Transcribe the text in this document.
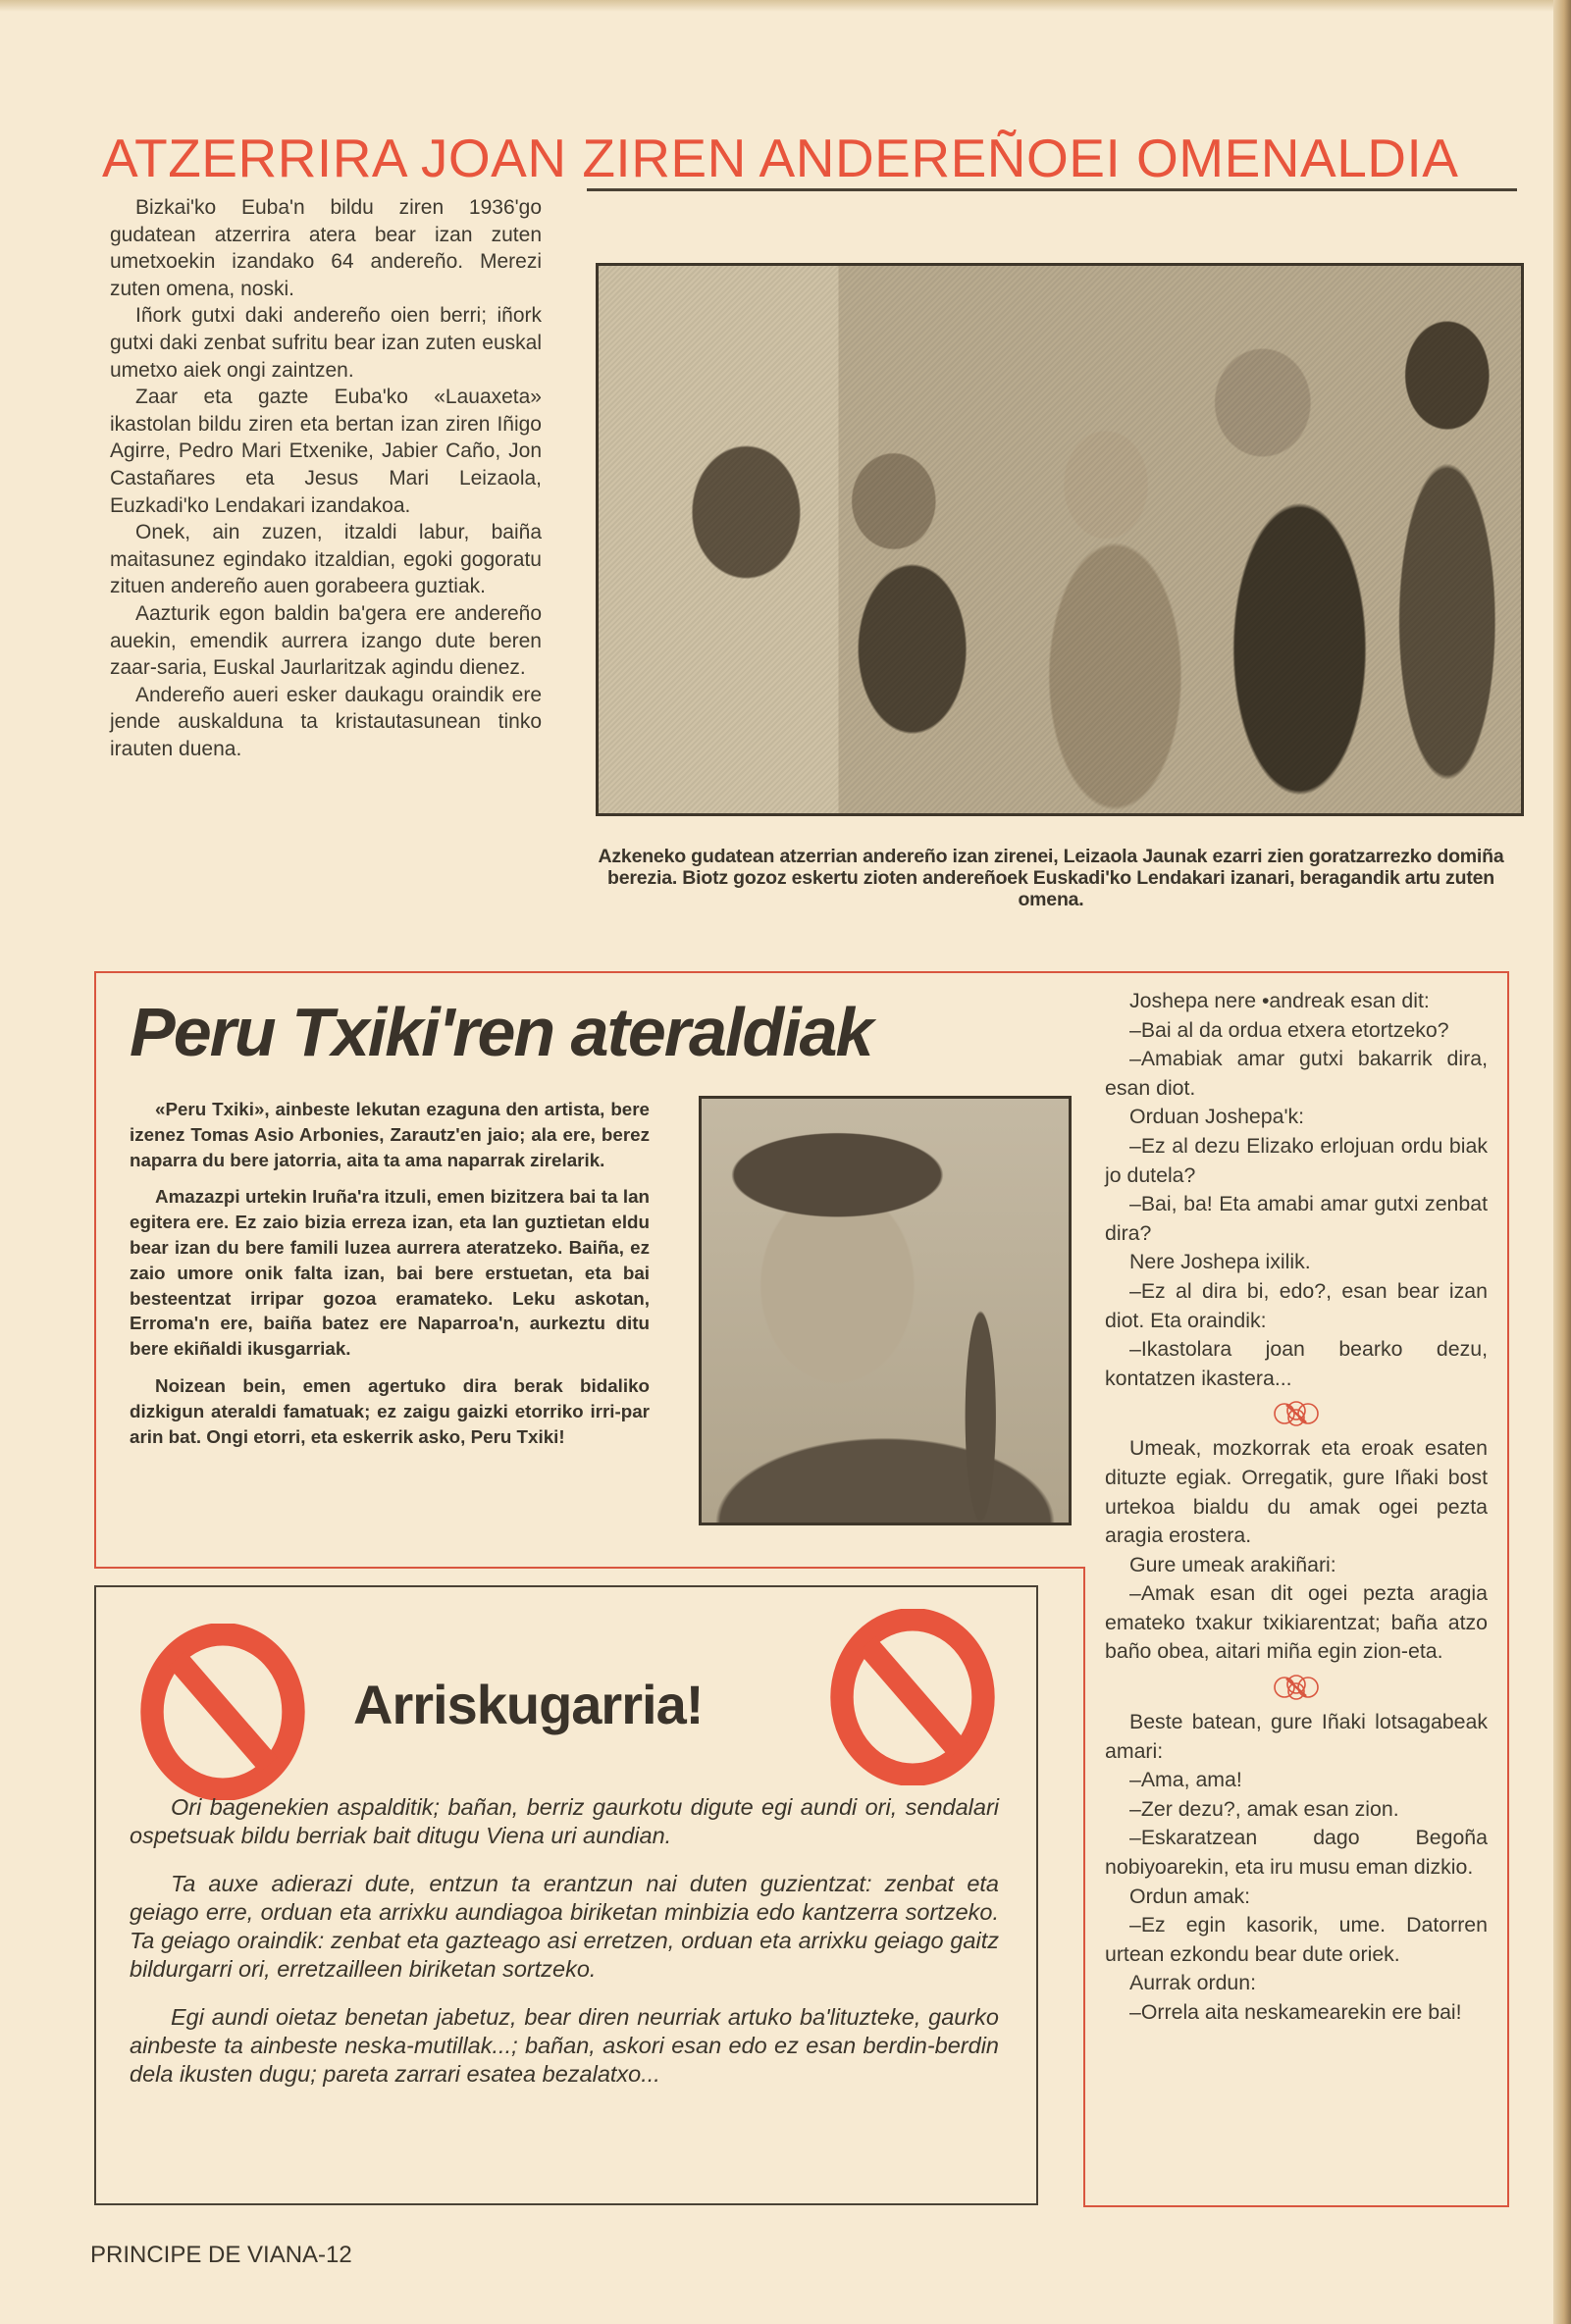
ATZERRIRA JOAN ZIREN ANDEREÑOEI OMENALDIA

Bizkai'ko Euba'n bildu ziren 1936'go gudatean atzerrira atera bear izan zuten umetxoekin izandako 64 andereño. Merezi zuten omena, noski.

Iñork gutxi daki andereño oien berri; iñork gutxi daki zenbat sufritu bear izan zuten euskal umetxo aiek ongi zaintzen.

Zaar eta gazte Euba'ko «Lauaxeta» ikastolan bildu ziren eta bertan izan ziren Iñigo Agirre, Pedro Mari Etxenike, Jabier Caño, Jon Castañares eta Jesus Mari Leizaola, Euzkadi'ko Lendakari izandakoa.

Onek, ain zuzen, itzaldi labur, baiña maitasunez egindako itzaldian, egoki gogoratu zituen andereño auen gorabeera guztiak.

Aazturik egon baldin ba'gera ere andereño auekin, emendik aurrera izango dute beren zaar-saria, Euskal Jaurlaritzak agindu dienez.

Andereño aueri esker daukagu oraindik ere jende auskalduna ta kristautasunean tinko irauten duena.

Azkeneko gudatean atzerrian andereño izan zirenei, Leizaola Jaunak ezarri zien goratzarrezko domiña berezia. Biotz gozoz eskertu zioten andereñoek Euskadi'ko Lendakari izanari, beragandik artu zuten omena.
Peru Txiki'ren ateraldiak

«Peru Txiki», ainbeste lekutan ezaguna den artista, bere izenez Tomas Asio Arbonies, Zarautz'en jaio; ala ere, berez naparra du bere jatorria, aita ta ama naparrak zirelarik.

Amazazpi urtekin Iruña'ra itzuli, emen bizitzera bai ta lan egitera ere. Ez zaio bizia erreza izan, eta lan guztietan eldu bear izan du bere famili luzea aurrera ateratzeko. Baiña, ez zaio umore onik falta izan, bai bere erstuetan, eta bai besteentzat irripar gozoa eramateko. Leku askotan, Erroma'n ere, baiña batez ere Naparroa'n, aurkeztu ditu bere ekiñaldi ikusgarriak.

Noizean bein, emen agertuko dira berak bidaliko dizkigun ateraldi famatuak; ez zaigu gaizki etorriko irri-par arin bat. Ongi etorri, eta eskerrik asko, Peru Txiki!

Joshepa nere •andreak esan dit:

–Bai al da ordua etxera etortzeko?

–Amabiak amar gutxi bakarrik dira, esan diot.

Orduan Joshepa'k:

–Ez al dezu Elizako erlojuan ordu biak jo dutela?

–Bai, ba! Eta amabi amar gutxi zenbat dira?

Nere Joshepa ixilik.

–Ez al dira bi, edo?, esan bear izan diot. Eta oraindik:

–Ikastolara joan bearko dezu, kontatzen ikastera...

Umeak, mozkorrak eta eroak esaten dituzte egiak. Orregatik, gure Iñaki bost urtekoa bialdu du amak ogei pezta aragia erostera.

Gure umeak arakiñari:

–Amak esan dit ogei pezta aragia emateko txakur txikiarentzat; baña atzo baño obea, aitari miña egin zion-eta.

Beste batean, gure Iñaki lotsagabeak amari:

–Ama, ama!

–Zer dezu?, amak esan zion.

–Eskaratzean dago Begoña nobiyoarekin, eta iru musu eman dizkio.

Ordun amak:

–Ez egin kasorik, ume. Datorren urtean ezkondu bear dute oriek.

Aurrak ordun:

–Orrela aita neskamearekin ere bai!

Arriskugarria!

Ori bagenekien aspalditik; bañan, berriz gaurkotu digute egi aundi ori, sendalari ospetsuak bildu berriak bait ditugu Viena uri aundian.

Ta auxe adierazi dute, entzun ta erantzun nai duten guzientzat: zenbat eta geiago erre, orduan eta arrixku aundiagoa biriketan minbizia edo kantzerra sortzeko. Ta geiago oraindik: zenbat eta gazteago asi erretzen, orduan eta arrixku geiago gaitz bildurgarri ori, erretzailleen biriketan sortzeko.

Egi aundi oietaz benetan jabetuz, bear diren neurriak artuko ba'lituzteke, gaurko ainbeste ta ainbeste neska-mutillak...; bañan, askori esan edo ez esan berdin-berdin dela ikusten dugu; pareta zarrari esatea bezalatxo...

PRINCIPE DE VIANA-12
